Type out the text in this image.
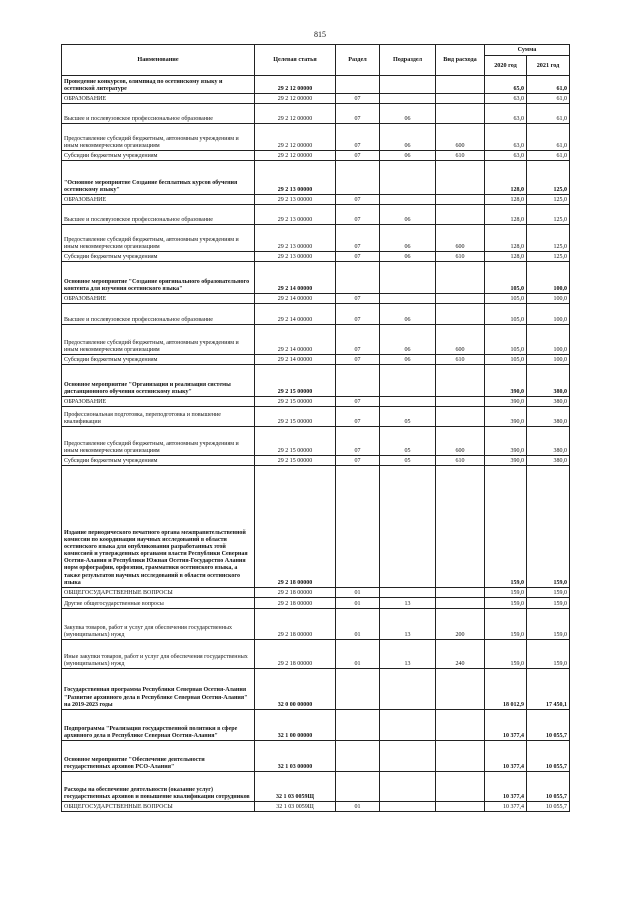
815
Наименование	Целевая статья	Раздел	Подраздел	Вид расхода	Сумма	
					2020 год	2021 год
Проведение конкурсов, олимпиад по осетинскому языку и осетинской литературе	29 2 12 00000				65,0	61,0
ОБРАЗОВАНИЕ	29 2 12 00000	07			63,0	61,0
Высшее и послевузовское профессиональное образование	29 2 12 00000	07	06		63,0	61,0
Предоставление субсидий бюджетным, автономным учреждениям и иным некоммерческим организациям	29 2 12 00000	07	06	600	63,0	61,0
Субсидии бюджетным учреждениям	29 2 12 00000	07	06	610	63,0	61,0
"Основное мероприятие Создание бесплатных курсов обучения осетинскому языку"	29 2 13 00000				128,0	125,0
ОБРАЗОВАНИЕ	29 2 13 00000	07			128,0	125,0
Высшее и послевузовское профессиональное образование	29 2 13 00000	07	06		128,0	125,0
Предоставление субсидий бюджетным, автономным учреждениям и иным некоммерческим организациям	29 2 13 00000	07	06	600	128,0	125,0
Субсидии бюджетным учреждениям	29 2 13 00000	07	06	610	128,0	125,0
Основное мероприятие "Создание оригинального образовательного контента для изучения осетинского языка"	29 2 14 00000				105,0	100,0
ОБРАЗОВАНИЕ	29 2 14 00000	07			105,0	100,0
Высшее и послевузовское профессиональное образование	29 2 14 00000	07	06		105,0	100,0
Предоставление субсидий бюджетным, автономным учреждениям и иным некоммерческим организациям	29 2 14 00000	07	06	600	105,0	100,0
Субсидии бюджетным учреждениям	29 2 14 00000	07	06	610	105,0	100,0
Основное мероприятие "Организация и реализация системы дистанционного обучения осетинскому языку"	29 2 15 00000				390,0	380,0
ОБРАЗОВАНИЕ	29 2 15 00000	07			390,0	380,0
Профессиональная подготовка, переподготовка и повышение квалификации	29 2 15 00000	07	05		390,0	380,0
Предоставление субсидий бюджетным, автономным учреждениям и иным некоммерческим организациям	29 2 15 00000	07	05	600	390,0	380,0
Субсидии бюджетным учреждениям	29 2 15 00000	07	05	610	390,0	380,0
Издание периодического печатного органа межправительственной комиссии по координации научных исследований в области осетинского языка для опубликования разработанных этой комиссией и утвержденных органами власти Республики Северная Осетия-Алания и Республики Южная Осетия-Государство Алания норм орфографии, орфоэпии, грамматики осетинского языка, а также результатов научных исследований в области осетинского языка	29 2 18 00000				159,0	159,0
ОБЩЕГОСУДАРСТВЕННЫЕ ВОПРОСЫ	29 2 18 00000	01			159,0	159,0
Другие общегосударственные вопросы	29 2 18 00000	01	13		159,0	159,0
Закупка товаров, работ и услуг для обеспечения государственных (муниципальных) нужд	29 2 18 00000	01	13	200	159,0	159,0
Иные закупки товаров, работ и услуг для обеспечения государственных (муниципальных) нужд	29 2 18 00000	01	13	240	159,0	159,0
Государственная программа Республики Северная Осетия-Алания "Развитие архивного дела в Республике Северная Осетия-Алания" на 2019-2023 годы	32 0 00 00000				18 012,9	17 450,1
Подпрограмма "Реализация государственной политики в сфере архивного дела в Республике Северная Осетия-Алания"	32 1 00 00000				10 377,4	10 055,7
Основное мероприятие "Обеспечение деятельности государственных архивов РСО-Алания"	32 1 03 00000				10 377,4	10 055,7
Расходы на обеспечение деятельности (оказание услуг) государственных архивов и повышение квалификации сотрудников	32 1 03 0059Щ				10 377,4	10 055,7
ОБЩЕГОСУДАРСТВЕННЫЕ ВОПРОСЫ	32 1 03 0059Щ	01			10 377,4	10 055,7
